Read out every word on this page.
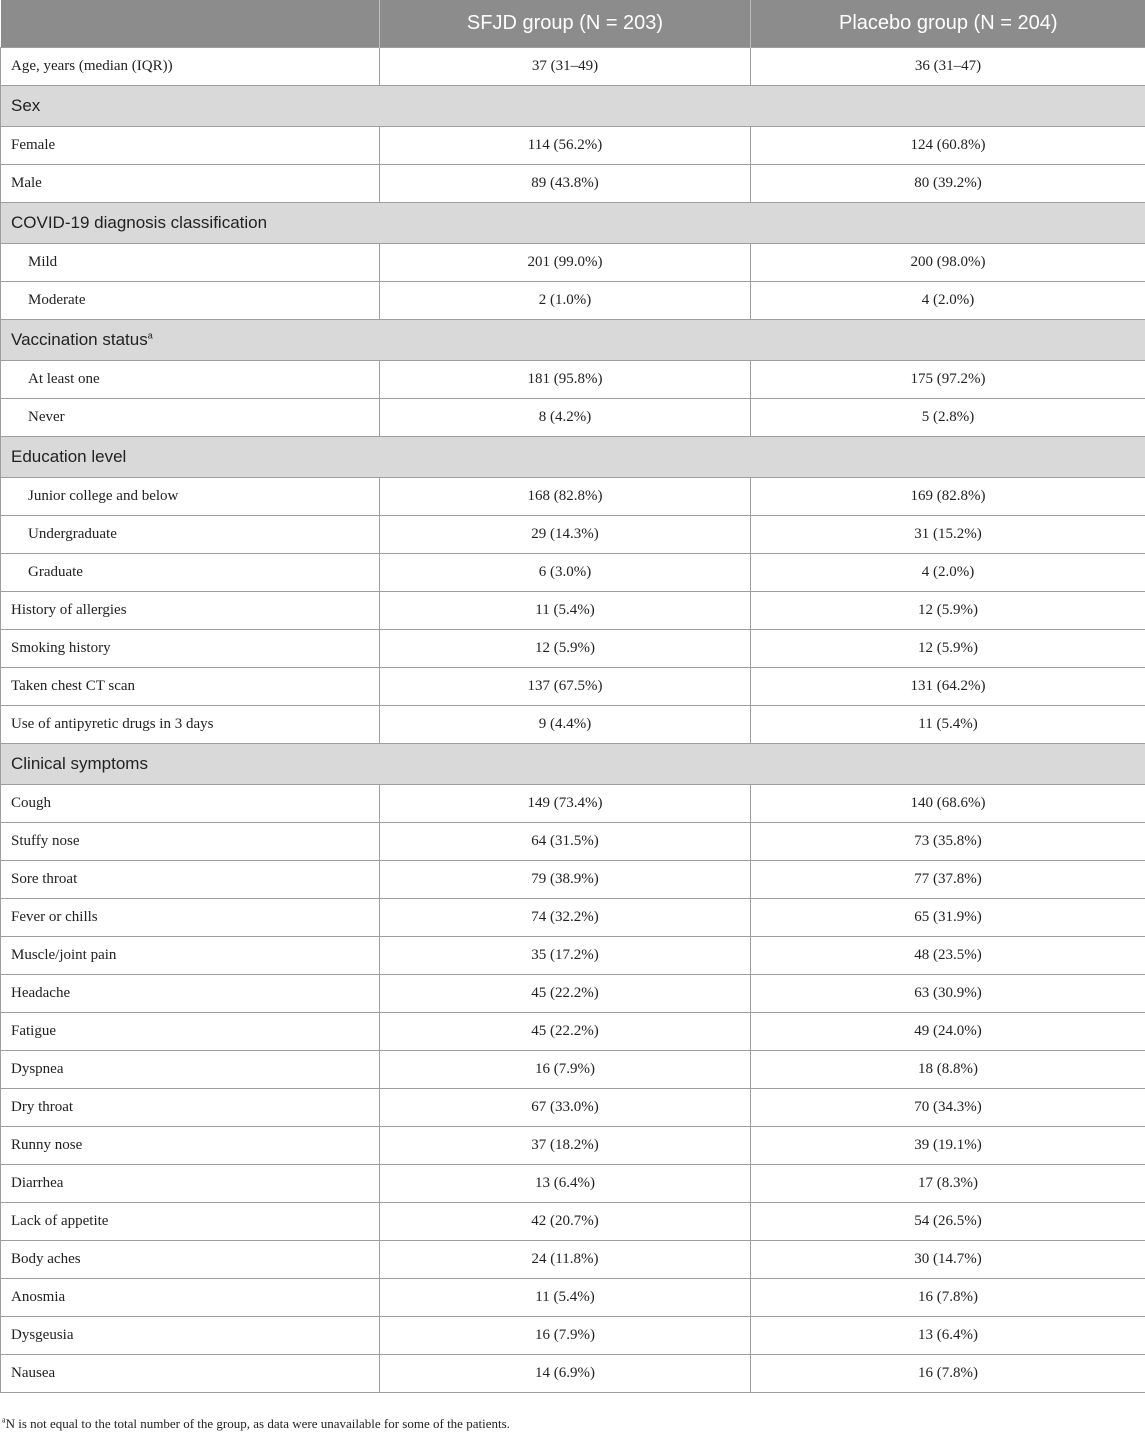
	SFJD group (N = 203)	Placebo group (N = 204)
Age, years (median (IQR))	37 (31–49)	36 (31–47)
Sex		
Female	114 (56.2%)	124 (60.8%)
Male	89 (43.8%)	80 (39.2%)
COVID-19 diagnosis classification		
Mild	201 (99.0%)	200 (98.0%)
Moderate	2 (1.0%)	4 (2.0%)
Vaccination status$^a$
At least one	181 (95.8%)	175 (97.2%)
Never	8 (4.2%)	5 (2.8%)
Education level		
Junior college and below	168 (82.8%)	169 (82.8%)
Undergraduate	29 (14.3%)	31 (15.2%)
Graduate	6 (3.0%)	4 (2.0%)
History of allergies	11 (5.4%)	12 (5.9%)
Smoking history	12 (5.9%)	12 (5.9%)
Taken chest CT scan	137 (67.5%)	131 (64.2%)
Use of antipyretic drugs in 3 days	9 (4.4%)	11 (5.4%)
Clinical symptoms		
Cough	149 (73.4%)	140 (68.6%)
Stuffy nose	64 (31.5%)	73 (35.8%)
Sore throat	79 (38.9%)	77 (37.8%)
Fever or chills	74 (32.2%)	65 (31.9%)
Muscle/joint pain	35 (17.2%)	48 (23.5%)
Headache	45 (22.2%)	63 (30.9%)
Fatigue	45 (22.2%)	49 (24.0%)
Dyspnea	16 (7.9%)	18 (8.8%)
Dry throat	67 (33.0%)	70 (34.3%)
Runny nose	37 (18.2%)	39 (19.1%)
Diarrhea	13 (6.4%)	17 (8.3%)
Lack of appetite	42 (20.7%)	54 (26.5%)
Body aches	24 (11.8%)	30 (14.7%)
Anosmia	11 (5.4%)	16 (7.8%)
Dysgeusia	16 (7.9%)	13 (6.4%)
Nausea	14 (6.9%)	16 (7.8%)
$^a$N is not equal to the total number of the group, as data were unavailable for some of the patients.
